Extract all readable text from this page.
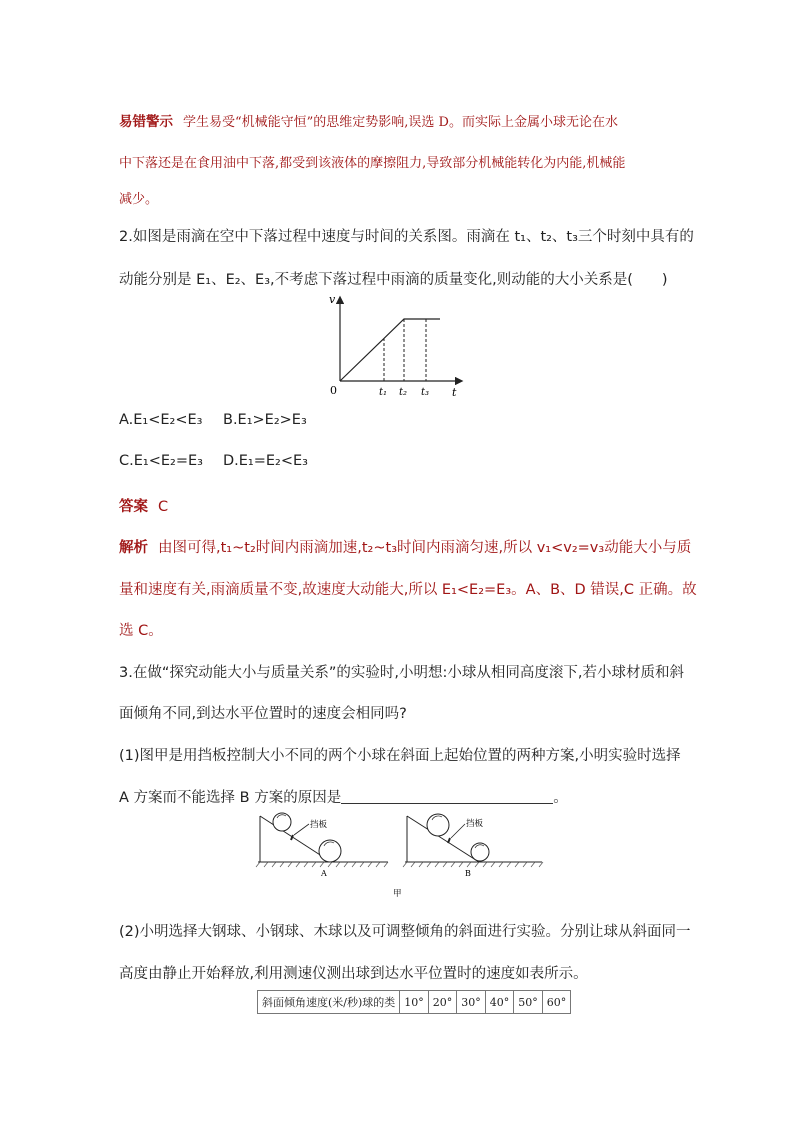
易错警示 学生易受“机械能守恒”的思维定势影响,误选 D。而实际上金属小球无论在水
中下落还是在食用油中下落,都受到该液体的摩擦阻力,导致部分机械能转化为内能,机械能
减少。
2.如图是雨滴在空中下落过程中速度与时间的关系图。雨滴在 t₁、t₂、t₃三个时刻中具有的
动能分别是 E₁、E₂、E₃,不考虑下落过程中雨滴的质量变化,则动能的大小关系是(　　)
v
0	t
t₁ t₂ t₃
A.E₁<E₂<E₃ B.E₁>E₂>E₃
C.E₁<E₂=E₃ D.E₁=E₂<E₃
答案 C
解析 由图可得,t₁~t₂时间内雨滴加速,t₂~t₃时间内雨滴匀速,所以 v₁<v₂=v₃动能大小与质
量和速度有关,雨滴质量不变,故速度大动能大,所以 E₁<E₂=E₃。A、B、D 错误,C 正确。故
选 C。
3.在做“探究动能大小与质量关系”的实验时,小明想:小球从相同高度滚下,若小球材质和斜
面倾角不同,到达水平位置时的速度会相同吗?
(1)图甲是用挡板控制大小不同的两个小球在斜面上起始位置的两种方案,小明实验时选择
A 方案而不能选择 B 方案的原因是	。
挡板
A
挡板
B
甲
(2)小明选择大钢球、小钢球、木球以及可调整倾角的斜面进行实验。分别让球从斜面同一
高度由静止开始释放,利用测速仪测出球到达水平位置时的速度如表所示。
斜面倾角速度(米/秒)球的类	10°	20°	30°	40°	50°	60°
